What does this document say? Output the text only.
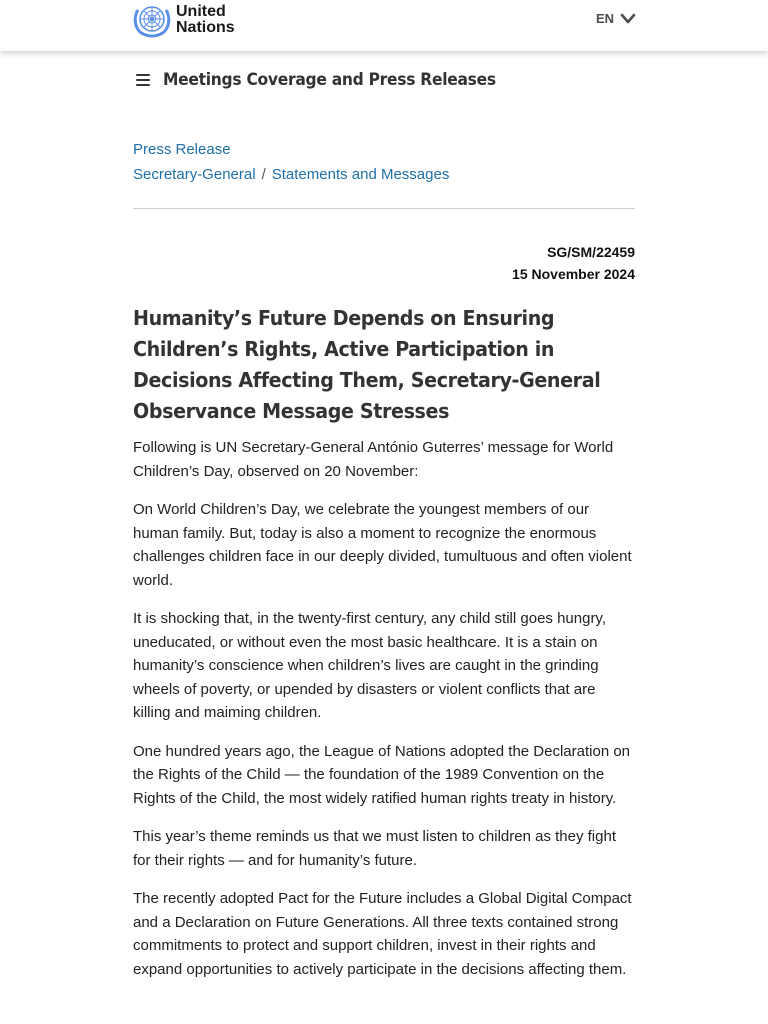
United
Nations
EN
Meetings Coverage and Press Releases
Press Release
Secretary-General / Statements and Messages
SG/SM/22459
15 November 2024
Humanity’s Future Depends on Ensuring Children’s Rights, Active Participation in Decisions Affecting Them, Secretary-General Observance Message Stresses

Following is UN Secretary-General António Guterres’ message for World Children’s Day, observed on 20 November:

On World Children’s Day, we celebrate the youngest members of our human family. But, today is also a moment to recognize the enormous challenges children face in our deeply divided, tumultuous and often violent world.

It is shocking that, in the twenty-first century, any child still goes hungry, uneducated, or without even the most basic healthcare. It is a stain on humanity’s conscience when children’s lives are caught in the grinding wheels of poverty, or upended by disasters or violent conflicts that are killing and maiming children.

One hundred years ago, the League of Nations adopted the Declaration on the Rights of the Child — the foundation of the 1989 Convention on the Rights of the Child, the most widely ratified human rights treaty in history.

This year’s theme reminds us that we must listen to children as they fight for their rights — and for humanity’s future.

The recently adopted Pact for the Future includes a Global Digital Compact and a Declaration on Future Generations. All three texts contained strong commitments to protect and support children, invest in their rights and expand opportunities to actively participate in the decisions affecting them.
